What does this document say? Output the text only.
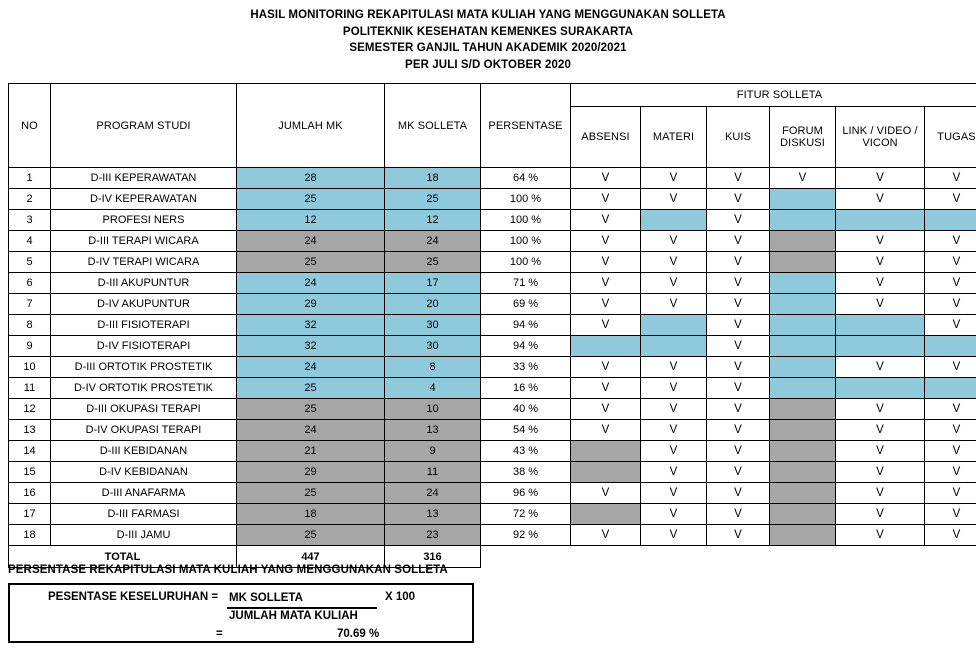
HASIL MONITORING REKAPITULASI MATA KULIAH YANG MENGGUNAKAN SOLLETA
POLITEKNIK KESEHATAN KEMENKES SURAKARTA
SEMESTER GANJIL TAHUN AKADEMIK 2020/2021
PER JULI S/D OKTOBER 2020
NO	PROGRAM STUDI	JUMLAH MK	MK SOLLETA	PERSENTASE	FITUR SOLLETA					
					ABSENSI	MATERI	KUIS	FORUM DISKUSI	LINK / VIDEO / VICON	TUGAS
1	D-III KEPERAWATAN	28	18	64 %	V	V	V	V	V	V
2	D-IV KEPERAWATAN	25	25	100 %	V	V	V		V	V
3	PROFESI NERS	12	12	100 %	V		V			
4	D-III TERAPI WICARA	24	24	100 %	V	V	V		V	V
5	D-IV TERAPI WICARA	25	25	100 %	V	V	V		V	V
6	D-III AKUPUNTUR	24	17	71 %	V	V	V		V	V
7	D-IV AKUPUNTUR	29	20	69 %	V	V	V		V	V
8	D-III FISIOTERAPI	32	30	94 %	V		V			V
9	D-IV FISIOTERAPI	32	30	94 %			V			
10	D-III ORTOTIK PROSTETIK	24	8	33 %	V	V	V		V	V
11	D-IV ORTOTIK PROSTETIK	25	4	16 %	V	V	V			
12	D-III OKUPASI TERAPI	25	10	40 %	V	V	V		V	V
13	D-IV OKUPASI TERAPI	24	13	54 %	V	V	V		V	V
14	D-III KEBIDANAN	21	9	43 %		V	V		V	V
15	D-IV KEBIDANAN	29	11	38 %		V	V		V	V
16	D-III ANAFARMA	25	24	96 %	V	V	V		V	V
17	D-III FARMASI	18	13	72 %		V	V		V	V
18	D-III JAMU	25	23	92 %	V	V	V		V	V
TOTAL		447	316							
PERSENTASE REKAPITULASI MATA KULIAH YANG MENGGUNAKAN SOLLETA
PESENTASE KESELURUHAN = MK SOLLETA
JUMLAH MATA KULIAH
X 100
=	70.69 %
